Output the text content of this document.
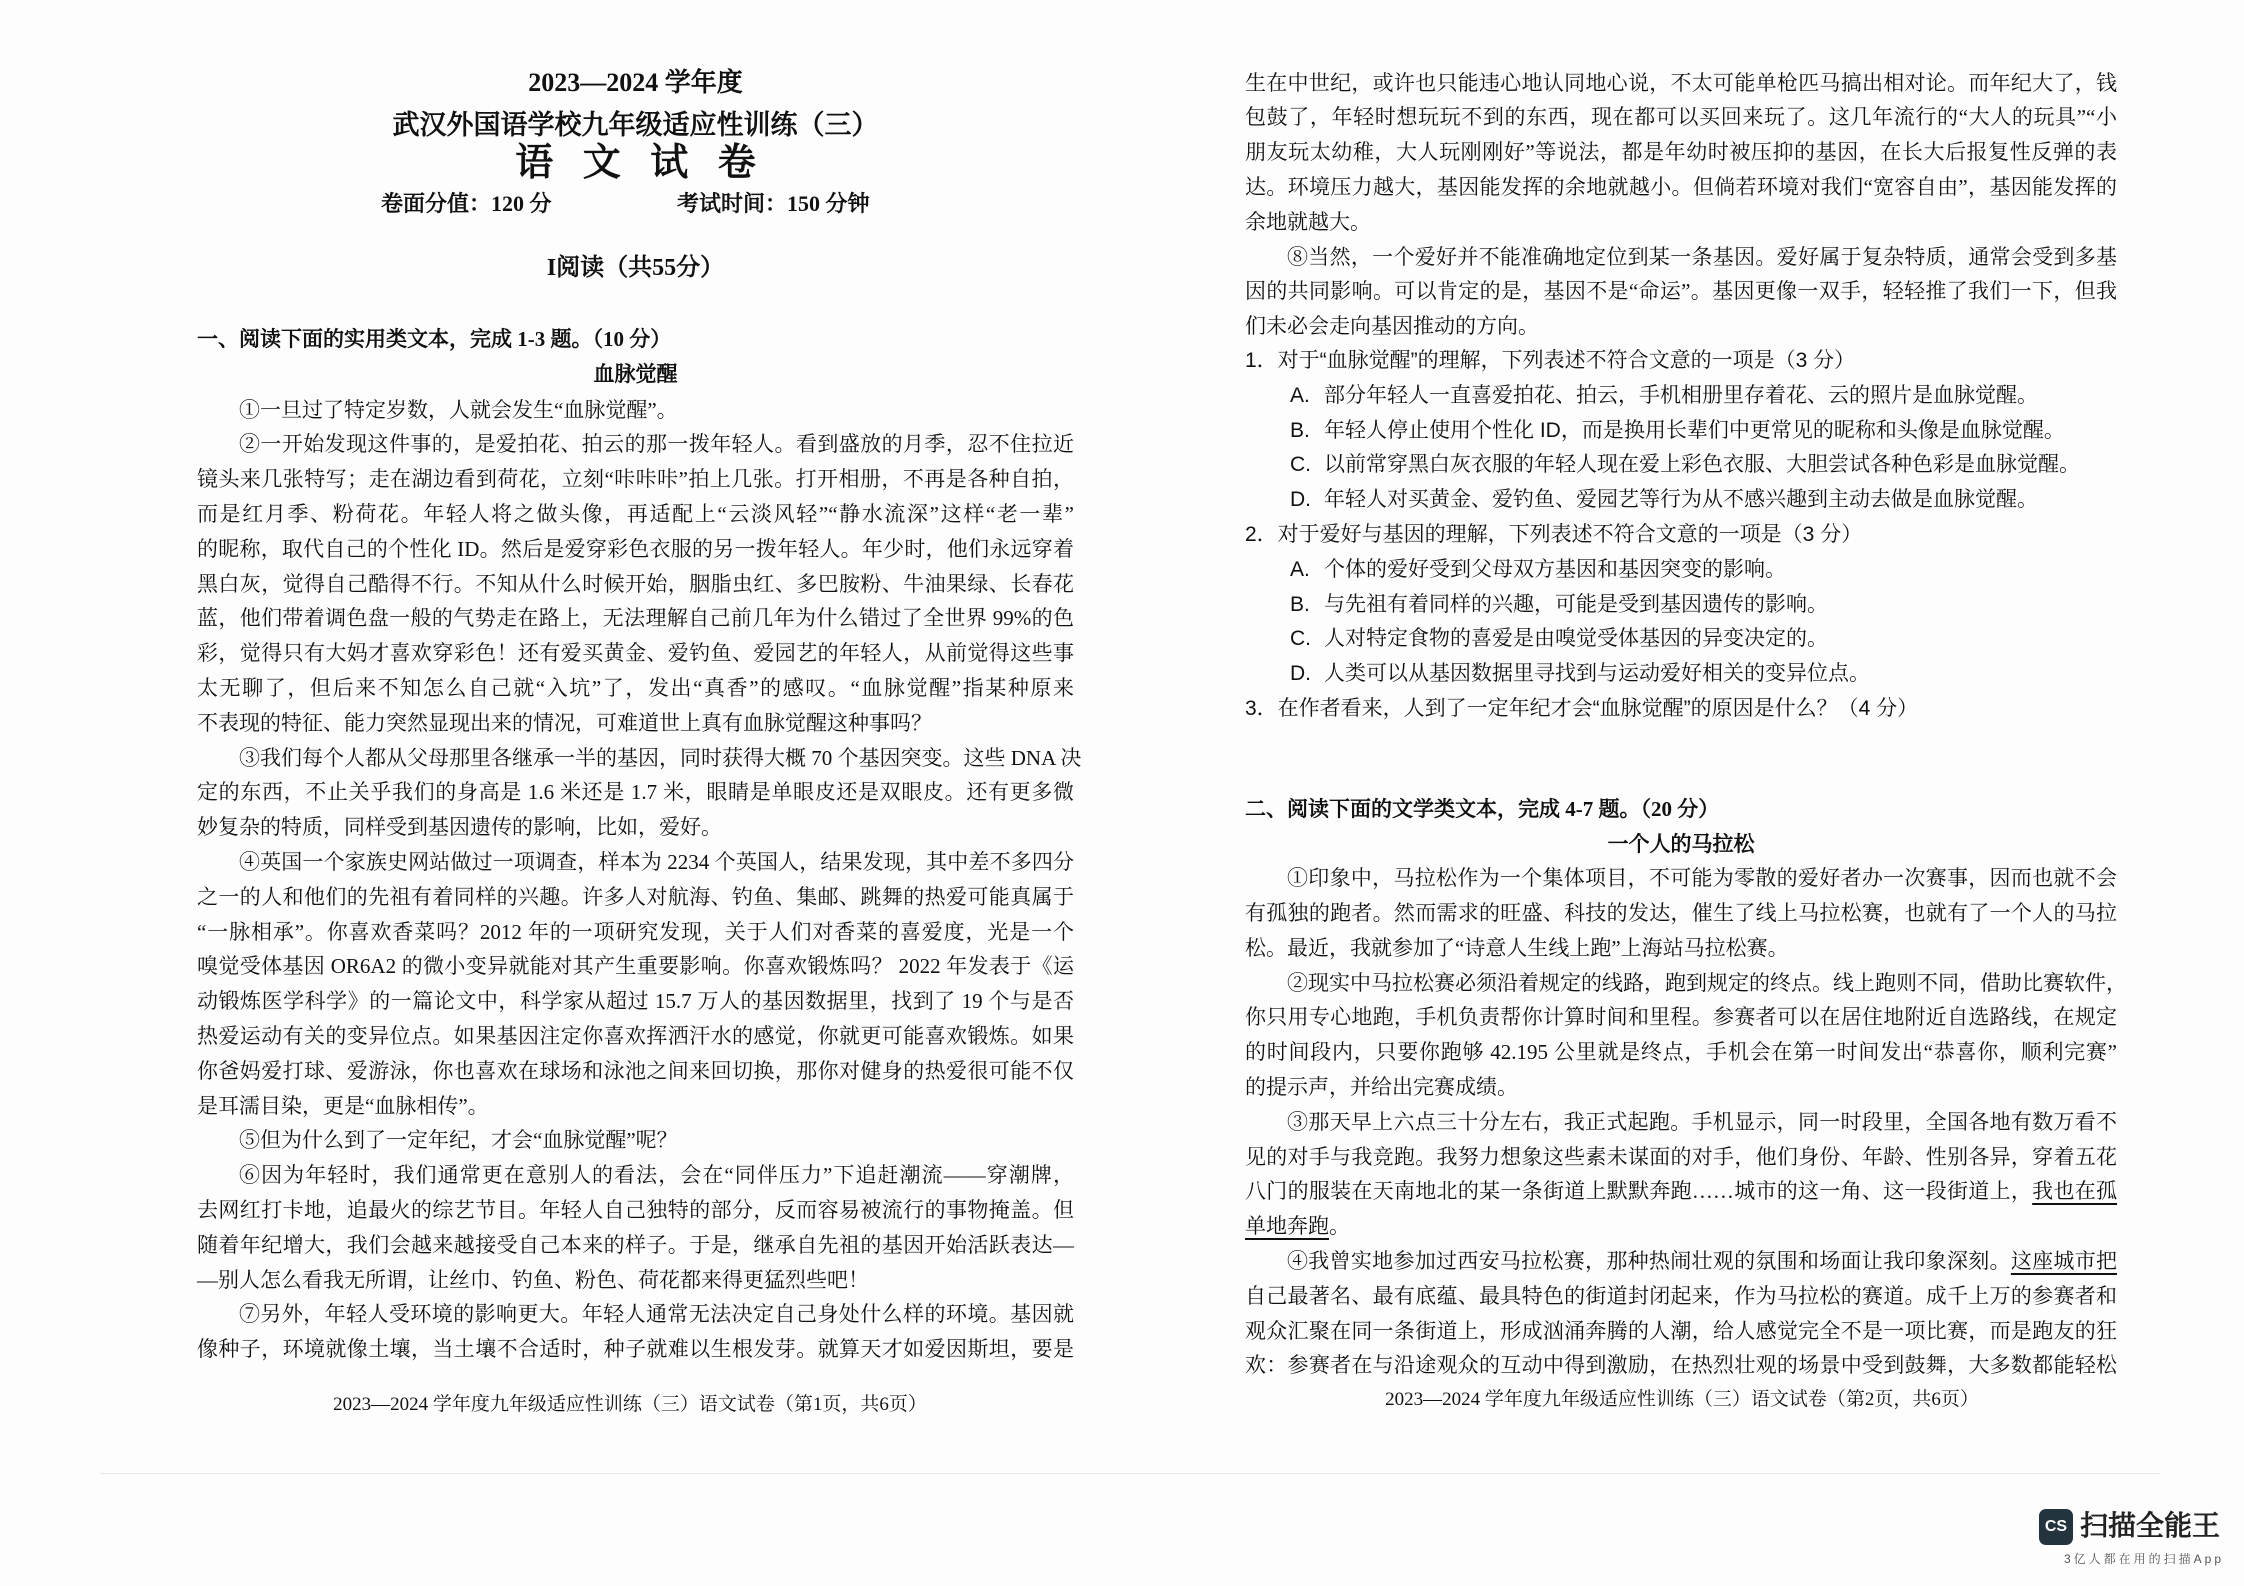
2023—2024 学年度
武汉外国语学校九年级适应性训练（三）
语 文 试 卷
卷面分值：120 分	考试时间：150 分钟
I阅读（共55分）
一、阅读下面的实用类文本，完成 1-3 题。（10 分）
血脉觉醒
①一旦过了特定岁数，人就会发生“血脉觉醒”。
②一开始发现这件事的，是爱拍花、拍云的那一拨年轻人。看到盛放的月季，忍不住拉近
镜头来几张特写；走在湖边看到荷花，立刻“咔咔咔”拍上几张。打开相册，不再是各种自拍，
而是红月季、粉荷花。年轻人将之做头像，再适配上“云淡风轻”“静水流深”这样“老一辈”
的昵称，取代自己的个性化 ID。然后是爱穿彩色衣服的另一拨年轻人。年少时，他们永远穿着
黑白灰，觉得自己酷得不行。不知从什么时候开始，胭脂虫红、多巴胺粉、牛油果绿、长春花
蓝，他们带着调色盘一般的气势走在路上，无法理解自己前几年为什么错过了全世界 99%的色
彩，觉得只有大妈才喜欢穿彩色！还有爱买黄金、爱钓鱼、爱园艺的年轻人，从前觉得这些事
太无聊了，但后来不知怎么自己就“入坑”了，发出“真香”的感叹。“血脉觉醒”指某种原来
不表现的特征、能力突然显现出来的情况，可难道世上真有血脉觉醒这种事吗？
③我们每个人都从父母那里各继承一半的基因，同时获得大概 70 个基因突变。这些 DNA 决
定的东西，不止关乎我们的身高是 1.6 米还是 1.7 米，眼睛是单眼皮还是双眼皮。还有更多微
妙复杂的特质，同样受到基因遗传的影响，比如，爱好。
④英国一个家族史网站做过一项调查，样本为 2234 个英国人，结果发现，其中差不多四分
之一的人和他们的先祖有着同样的兴趣。许多人对航海、钓鱼、集邮、跳舞的热爱可能真属于
“一脉相承”。你喜欢香菜吗？2012 年的一项研究发现，关于人们对香菜的喜爱度，光是一个
嗅觉受体基因 OR6A2 的微小变异就能对其产生重要影响。你喜欢锻炼吗？ 2022 年发表于《运
动锻炼医学科学》的一篇论文中，科学家从超过 15.7 万人的基因数据里，找到了 19 个与是否
热爱运动有关的变异位点。如果基因注定你喜欢挥洒汗水的感觉，你就更可能喜欢锻炼。如果
你爸妈爱打球、爱游泳，你也喜欢在球场和泳池之间来回切换，那你对健身的热爱很可能不仅
是耳濡目染，更是“血脉相传”。
⑤但为什么到了一定年纪，才会“血脉觉醒”呢？
⑥因为年轻时，我们通常更在意别人的看法，会在“同伴压力”下追赶潮流——穿潮牌，
去网红打卡地，追最火的综艺节目。年轻人自己独特的部分，反而容易被流行的事物掩盖。但
随着年纪增大，我们会越来越接受自己本来的样子。于是，继承自先祖的基因开始活跃表达—
—别人怎么看我无所谓，让丝巾、钓鱼、粉色、荷花都来得更猛烈些吧！
⑦另外，年轻人受环境的影响更大。年轻人通常无法决定自己身处什么样的环境。基因就
像种子，环境就像土壤，当土壤不合适时，种子就难以生根发芽。就算天才如爱因斯坦，要是
2023—2024 学年度九年级适应性训练（三）语文试卷（第1页，共6页）
生在中世纪，或许也只能违心地认同地心说，不太可能单枪匹马搞出相对论。而年纪大了，钱
包鼓了，年轻时想玩玩不到的东西，现在都可以买回来玩了。这几年流行的“大人的玩具”“小
朋友玩太幼稚，大人玩刚刚好”等说法，都是年幼时被压抑的基因，在长大后报复性反弹的表
达。环境压力越大，基因能发挥的余地就越小。但倘若环境对我们“宽容自由”，基因能发挥的
余地就越大。
⑧当然，一个爱好并不能准确地定位到某一条基因。爱好属于复杂特质，通常会受到多基
因的共同影响。可以肯定的是，基因不是“命运”。基因更像一双手，轻轻推了我们一下，但我
们未必会走向基因推动的方向。
1．对于“血脉觉醒”的理解，下列表述不符合文意的一项是（3 分）
A. 部分年轻人一直喜爱拍花、拍云，手机相册里存着花、云的照片是血脉觉醒。
B. 年轻人停止使用个性化 ID，而是换用长辈们中更常见的昵称和头像是血脉觉醒。
C. 以前常穿黑白灰衣服的年轻人现在爱上彩色衣服、大胆尝试各种色彩是血脉觉醒。
D. 年轻人对买黄金、爱钓鱼、爱园艺等行为从不感兴趣到主动去做是血脉觉醒。
2．对于爱好与基因的理解，下列表述不符合文意的一项是（3 分）
A. 个体的爱好受到父母双方基因和基因突变的影响。
B. 与先祖有着同样的兴趣，可能是受到基因遗传的影响。
C. 人对特定食物的喜爱是由嗅觉受体基因的异变决定的。
D. 人类可以从基因数据里寻找到与运动爱好相关的变异位点。
3．在作者看来，人到了一定年纪才会“血脉觉醒”的原因是什么？（4 分）
二、阅读下面的文学类文本，完成 4-7 题。（20 分）
一个人的马拉松
①印象中，马拉松作为一个集体项目，不可能为零散的爱好者办一次赛事，因而也就不会
有孤独的跑者。然而需求的旺盛、科技的发达，催生了线上马拉松赛，也就有了一个人的马拉
松。最近，我就参加了“诗意人生线上跑”上海站马拉松赛。
②现实中马拉松赛必须沿着规定的线路，跑到规定的终点。线上跑则不同，借助比赛软件，
你只用专心地跑，手机负责帮你计算时间和里程。参赛者可以在居住地附近自选路线，在规定
的时间段内，只要你跑够 42.195 公里就是终点，手机会在第一时间发出“恭喜你，顺利完赛”
的提示声，并给出完赛成绩。
③那天早上六点三十分左右，我正式起跑。手机显示，同一时段里，全国各地有数万看不
见的对手与我竞跑。我努力想象这些素未谋面的对手，他们身份、年龄、性别各异，穿着五花
八门的服装在天南地北的某一条街道上默默奔跑……城市的这一角、这一段街道上，我也在孤
单地奔跑。
④我曾实地参加过西安马拉松赛，那种热闹壮观的氛围和场面让我印象深刻。这座城市把
自己最著名、最有底蕴、最具特色的街道封闭起来，作为马拉松的赛道。成千上万的参赛者和
观众汇聚在同一条街道上，形成汹涌奔腾的人潮，给人感觉完全不是一项比赛，而是跑友的狂
欢：参赛者在与沿途观众的互动中得到激励，在热烈壮观的场景中受到鼓舞，大多数都能轻松
2023—2024 学年度九年级适应性训练（三）语文试卷（第2页，共6页）
CS 扫描全能王
3亿人都在用的扫描App
